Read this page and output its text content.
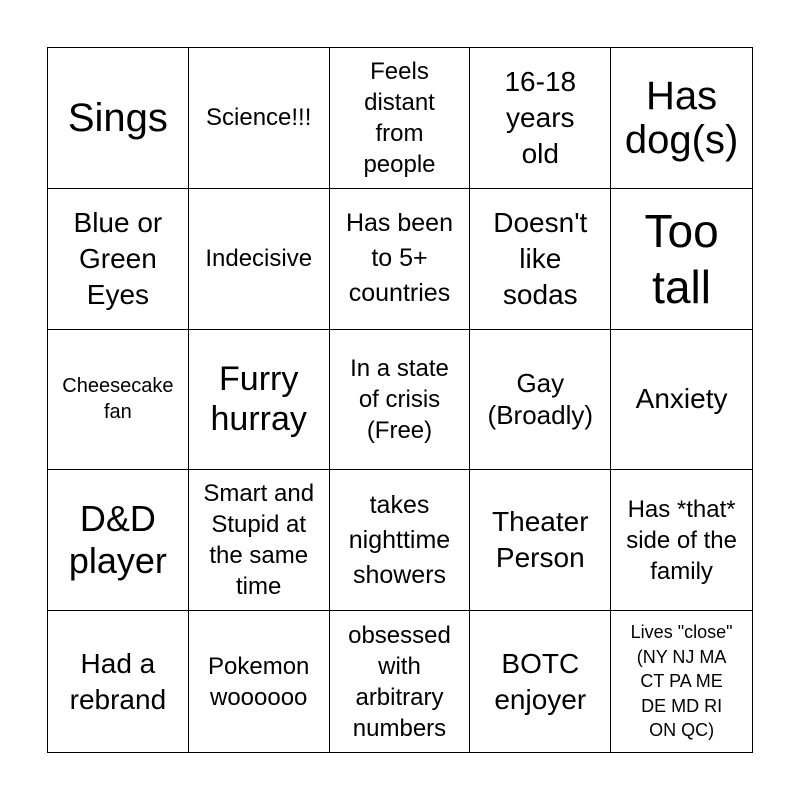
Sings Science!!!
Feels
distant
from
people
16-18
years
old
Has
dog(s)
Blue or
Green
Eyes
Indecisive
Has been
to 5+
countries
Doesn't
like
sodas
Too
tall
Cheesecake
fan
Furry
hurray
In a state
of crisis
(Free)
Gay
(Broadly)
Anxiety
D&D
player
Smart and
Stupid at
the same
time
takes
nighttime
showers
Theater
Person
Has *that*
side of the
family
Had a
rebrand
Pokemon
woooooo
obsessed
with
arbitrary
numbers
BOTC
enjoyer
Lives "close"
(NY NJ MA
CT PA ME
DE MD RI
ON QC)
